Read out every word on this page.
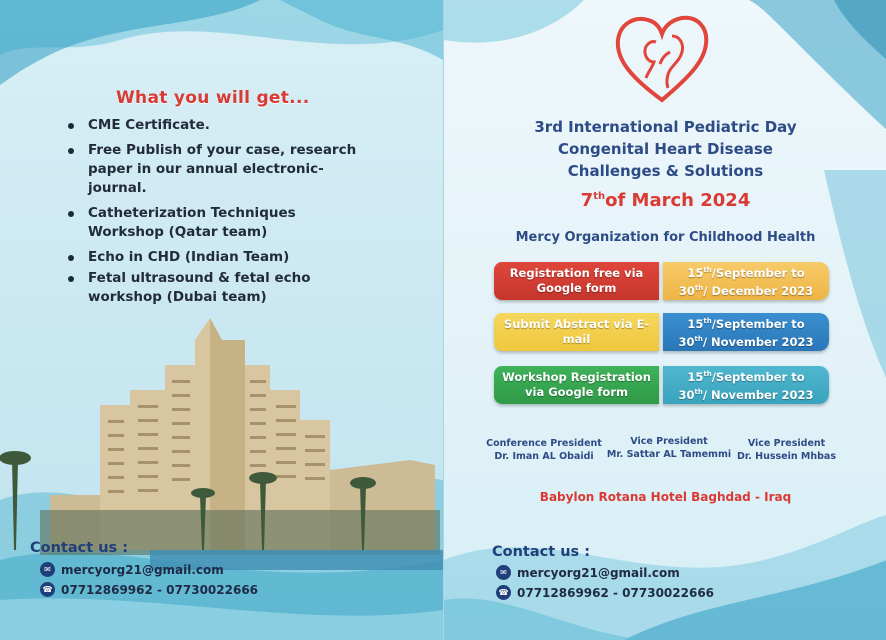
What you will get...
CME Certificate.
Free Publish of your case, research paper in our annual electronic-journal.
Catheterization Techniques Workshop (Qatar team)
Echo in CHD (Indian Team)
Fetal ultrasound & fetal echo workshop (Dubai team)
Contact us :
✉ mercyorg21@gmail.com
☎ 07712869962 - 07730022666
3rd International Pediatric Day
Congenital Heart Disease
Challenges & Solutions
7thof March 2024
Mercy Organization for Childhood Health
Registration free via Google form
15th/September to
30th/ December 2023
Submit Abstract via E-mail
15th/September to
30th/ November 2023
Workshop Registration via Google form
15th/September to
30th/ November 2023
Conference President
Dr. Iman AL Obaidi
Vice President
Mr. Sattar AL Tamemmi
Vice President
Dr. Hussein Mhbas
Babylon Rotana Hotel Baghdad - Iraq
Contact us :
✉ mercyorg21@gmail.com
☎ 07712869962 - 07730022666
